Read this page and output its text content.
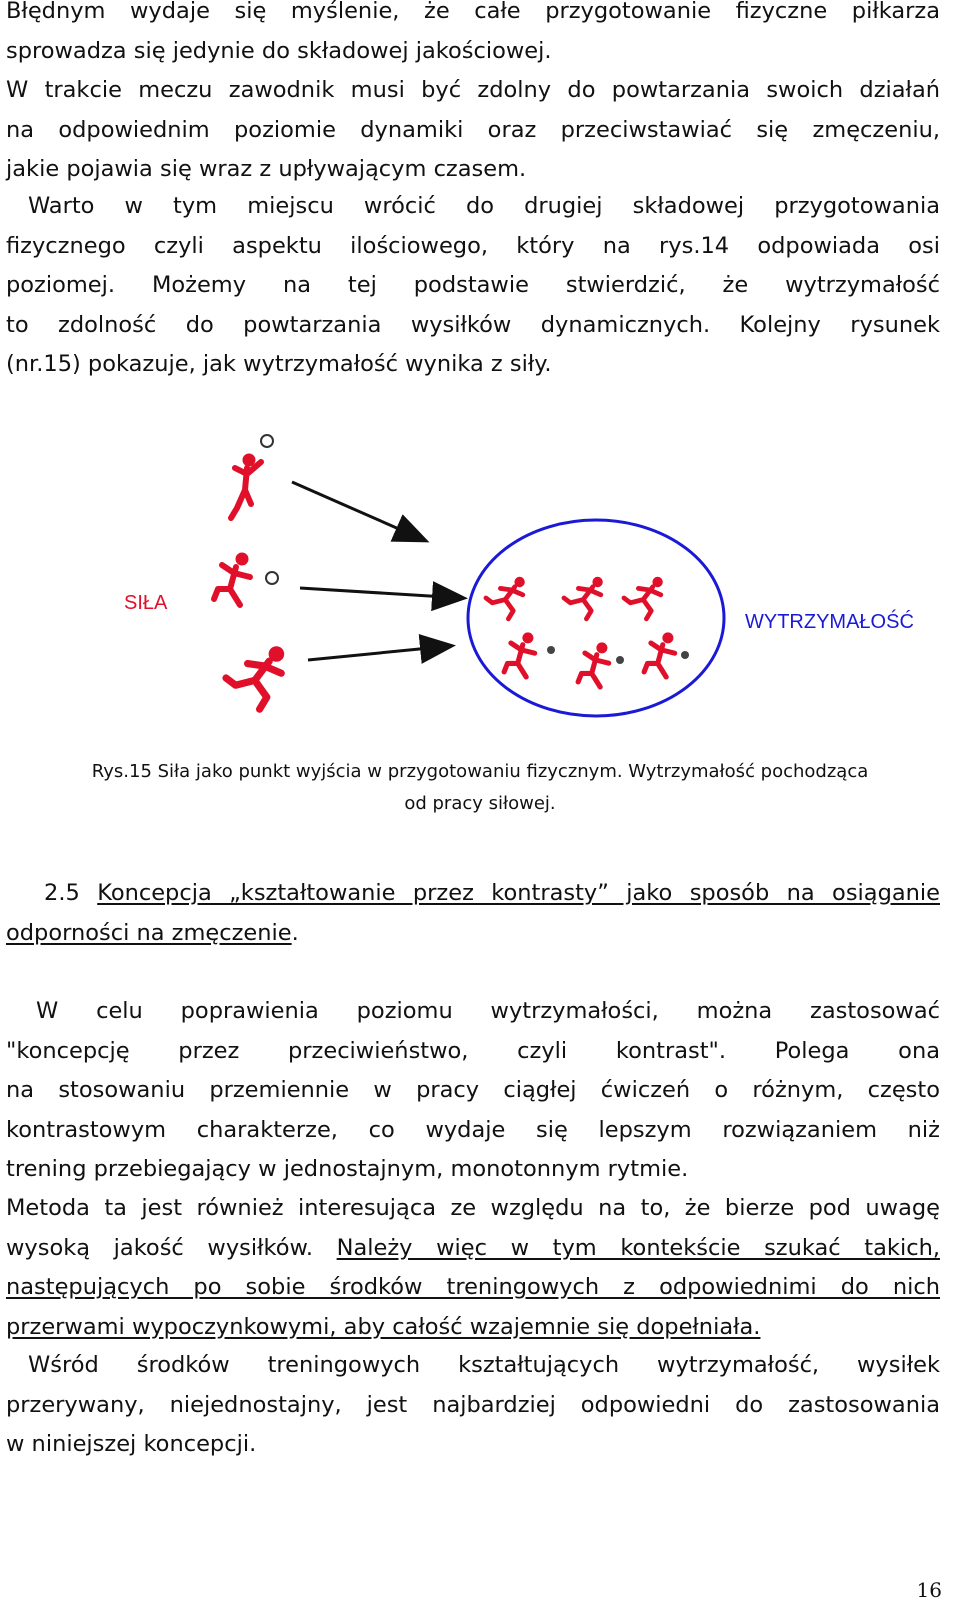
Błędnym wydaje się myślenie, że całe przygotowanie fizyczne piłkarza
sprowadza się jedynie do składowej jakościowej.
W trakcie meczu zawodnik musi być zdolny do powtarzania swoich działań
na odpowiednim poziomie dynamiki oraz przeciwstawiać się zmęczeniu,
jakie pojawia się wraz z upływającym czasem.
Warto w tym miejscu wrócić do drugiej składowej przygotowania
fizycznego czyli aspektu ilościowego, który na rys.14 odpowiada osi
poziomej. Możemy na tej podstawie stwierdzić, że wytrzymałość
to zdolność do powtarzania wysiłków dynamicznych. Kolejny rysunek
(nr.15) pokazuje, jak wytrzymałość wynika z siły.
SIŁA
WYTRZYMAŁOŚĆ
Rys.15 Siła jako punkt wyjścia w przygotowaniu fizycznym. Wytrzymałość pochodząca
od pracy siłowej.
2.5 Koncepcja „kształtowanie przez kontrasty” jako sposób na osiąganie
odporności na zmęczenie.
W celu poprawienia poziomu wytrzymałości, można zastosować
"koncepcję przez przeciwieństwo, czyli kontrast". Polega ona
na stosowaniu przemiennie w pracy ciągłej ćwiczeń o różnym, często
kontrastowym charakterze, co wydaje się lepszym rozwiązaniem niż
trening przebiegający w jednostajnym, monotonnym rytmie.
Metoda ta jest również interesująca ze względu na to, że bierze pod uwagę
wysoką jakość wysiłków. Należy więc w tym kontekście szukać takich,
następujących po sobie środków treningowych z odpowiednimi do nich
przerwami wypoczynkowymi, aby całość wzajemnie się dopełniała.
Wśród środków treningowych kształtujących wytrzymałość, wysiłek
przerywany, niejednostajny, jest najbardziej odpowiedni do zastosowania
w niniejszej koncepcji.
16
